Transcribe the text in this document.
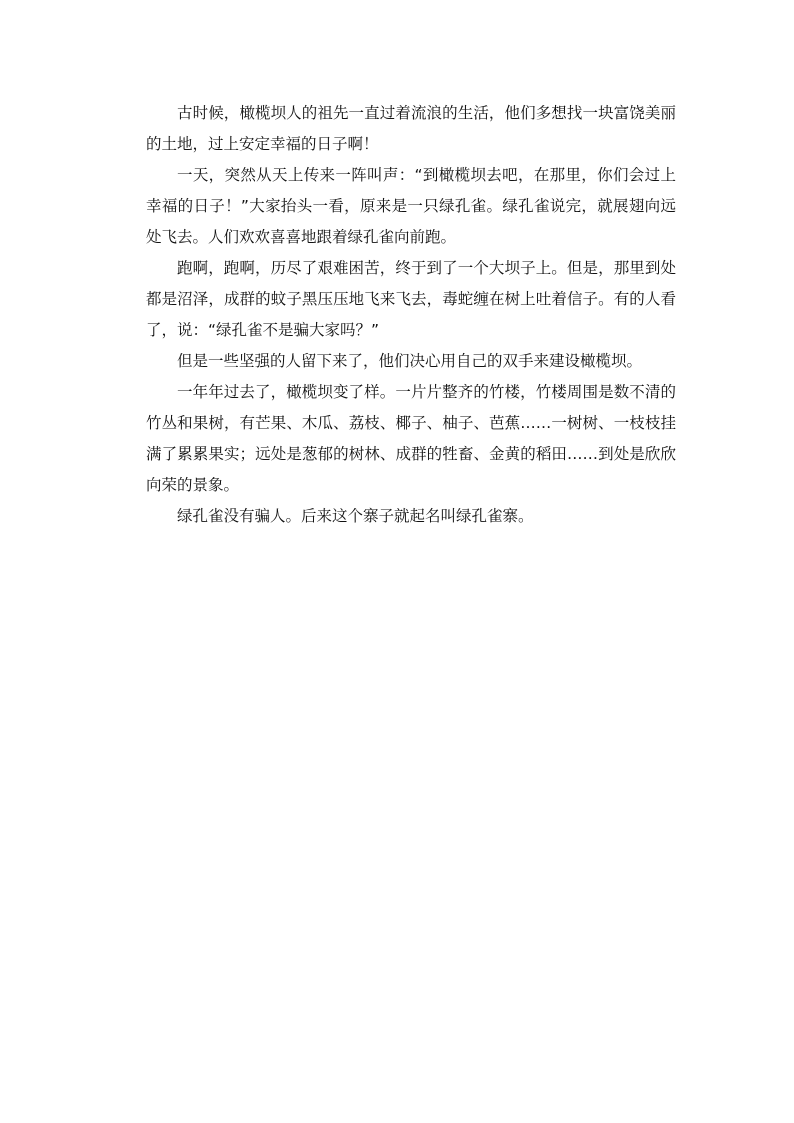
古时候，橄榄坝人的祖先一直过着流浪的生活，他们多想找一块富饶美丽的土地，过上安定幸福的日子啊！

一天，突然从天上传来一阵叫声：“到橄榄坝去吧，在那里，你们会过上幸福的日子！”大家抬头一看，原来是一只绿孔雀。绿孔雀说完，就展翅向远处飞去。人们欢欢喜喜地跟着绿孔雀向前跑。

跑啊，跑啊，历尽了艰难困苦，终于到了一个大坝子上。但是，那里到处都是沼泽，成群的蚊子黑压压地飞来飞去，毒蛇缠在树上吐着信子。有的人看了，说：“绿孔雀不是骗大家吗？”

但是一些坚强的人留下来了，他们决心用自己的双手来建设橄榄坝。

一年年过去了，橄榄坝变了样。一片片整齐的竹楼，竹楼周围是数不清的竹丛和果树，有芒果、木瓜、荔枝、椰子、柚子、芭蕉……一树树、一枝枝挂满了累累果实；远处是葱郁的树林、成群的牲畜、金黄的稻田……到处是欣欣向荣的景象。

绿孔雀没有骗人。后来这个寨子就起名叫绿孔雀寨。
